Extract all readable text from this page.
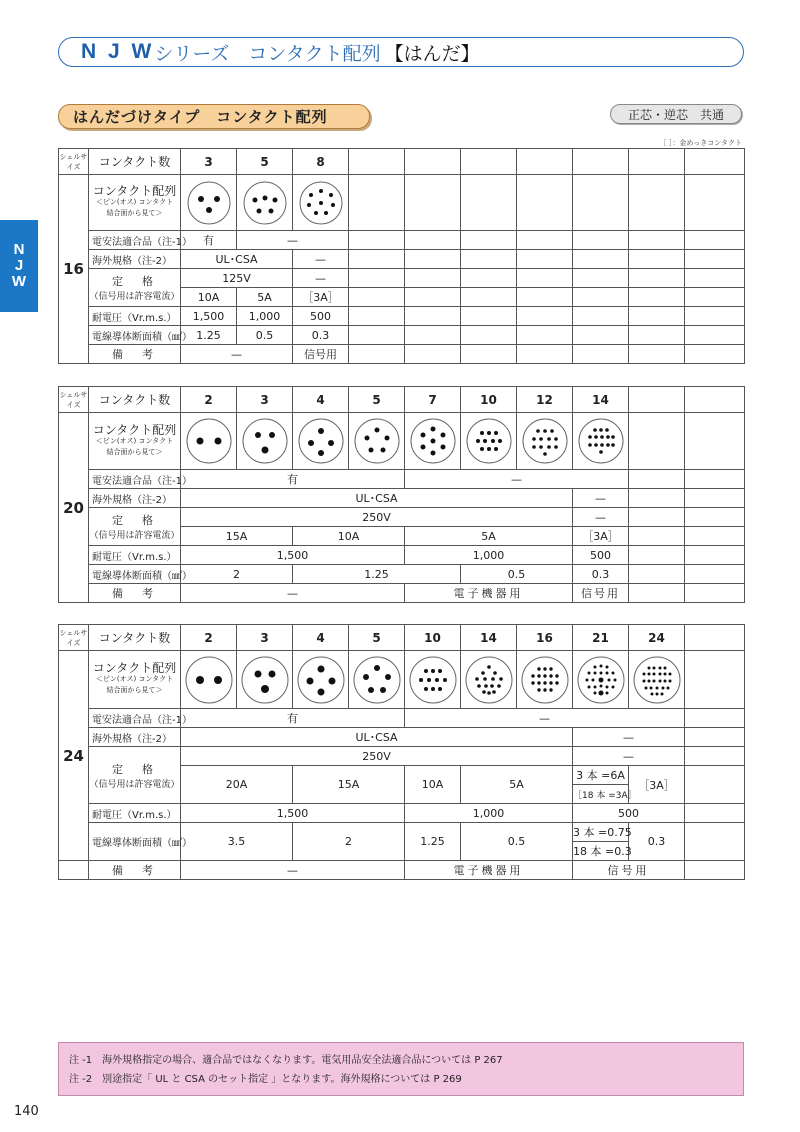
N J W シリーズ　コンタクト配列 【はんだ】
N
J
W
はんだづけタイプ　コンタクト配列	正芯・逆芯　共通
［ ］：金めっきコンタクト
シェルサイズ	コンタクト数	3	5	8							
16	コンタクト配列
＜ピン(オス) コンタクト
結合面から見て＞

	電安法適合品（注-1）	有	—								
	海外規格（注-2）	UL･CSA		—							

	定　格
（信号用は許容電流）	125V		—							
		10A	5A	［3A］							
	耐電圧（Vr.m.s.）	1,500	1,000	500							
	電線導体断面積（㎟）	1.25	0.5	0.3							
	備　考	—		信号用							
シェルサイズ	コンタクト数	2	3	4	5	7	10	12	14		
20	コンタクト配列
＜ピン(オス) コンタクト
結合面から見て＞

	電安法適合品（注-1）	有				—					
	海外規格（注-2）	UL･CSA							—		

	定　格
（信号用は許容電流）	250V							—		
		15A		10A		5A			［3A］		
	耐電圧（Vr.m.s.）	1,500				1,000			500		
	電線導体断面積（㎟）	2		1.25			0.5		0.3		
	備　考	—				電子機器用			信号用		
シェルサイズ	コンタクト数	2	3	4	5	10	14	16	21	24	
24	コンタクト配列
＜ピン(オス) コンタクト
結合面から見て＞

	電安法適合品（注-1）	有				—					
	海外規格（注-2）	UL･CSA							—		

	定　格
（信号用は許容電流）	250V							—		
		20A		15A		10A	5A		3 本 =6A	［3A］	
									［18 本 =3A］		
	耐電圧（Vr.m.s.）	1,500				1,000			500		
	電線導体断面積（㎟）	3.5		2		1.25	0.5		3 本 =0.75	0.3	
									18 本 =0.3		
	備　考	—				電子機器用			信号用		
注 -1　海外規格指定の場合、適合品ではなくなります。電気用品安全法適合品については P 267
注 -2　別途指定「 UL と CSA のセット指定 」となります。海外規格については P 269
140
